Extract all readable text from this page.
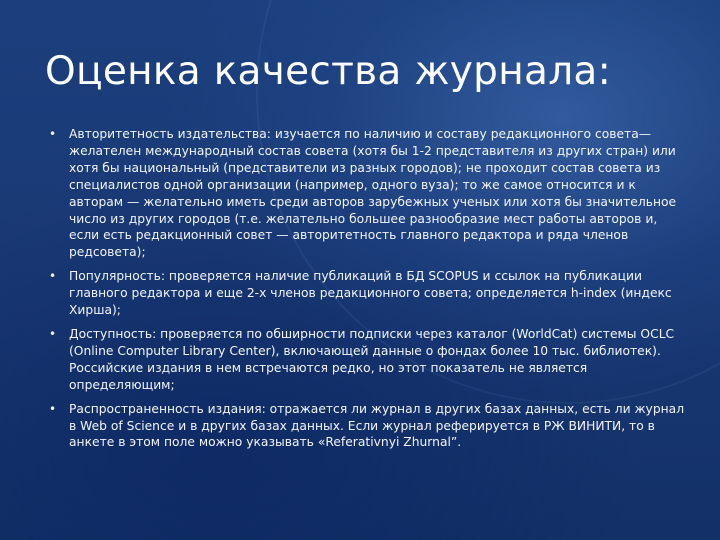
Оценка качества журнала:
• Авторитетность издательства: изучается по наличию и составу редакционного совета— желателен международный состав совета (хотя бы 1-2 представителя из других стран) или хотя бы национальный (представители из разных городов); не проходит состав совета из специалистов одной организации (например, одного вуза); то же самое относится и к авторам — желательно иметь среди авторов зарубежных ученых или хотя бы значительное число из других городов (т.е. желательно большее разнообразие мест работы авторов и, если есть редакционный совет — авторитетность главного редактора и ряда членов редсовета);
• Популярность: проверяется наличие публикаций в БД SCOPUS и ссылок на публикации главного редактора и еще 2-х членов редакционного совета; определяется h-index (индекс Хирша);
• Доступность: проверяется по обширности подписки через каталог (WorldCat) системы OCLC (Online Computer Library Center), включающей данные о фондах более 10 тыс. библиотек). Российские издания в нем встречаются редко, но этот показатель не является определяющим;
• Распространенность издания: отражается ли журнал в других базах данных, есть ли журнал в Web of Science и в других базах данных. Если журнал реферируется в РЖ ВИНИТИ, то в анкете в этом поле можно указывать «Referativnyi Zhurnal”.
